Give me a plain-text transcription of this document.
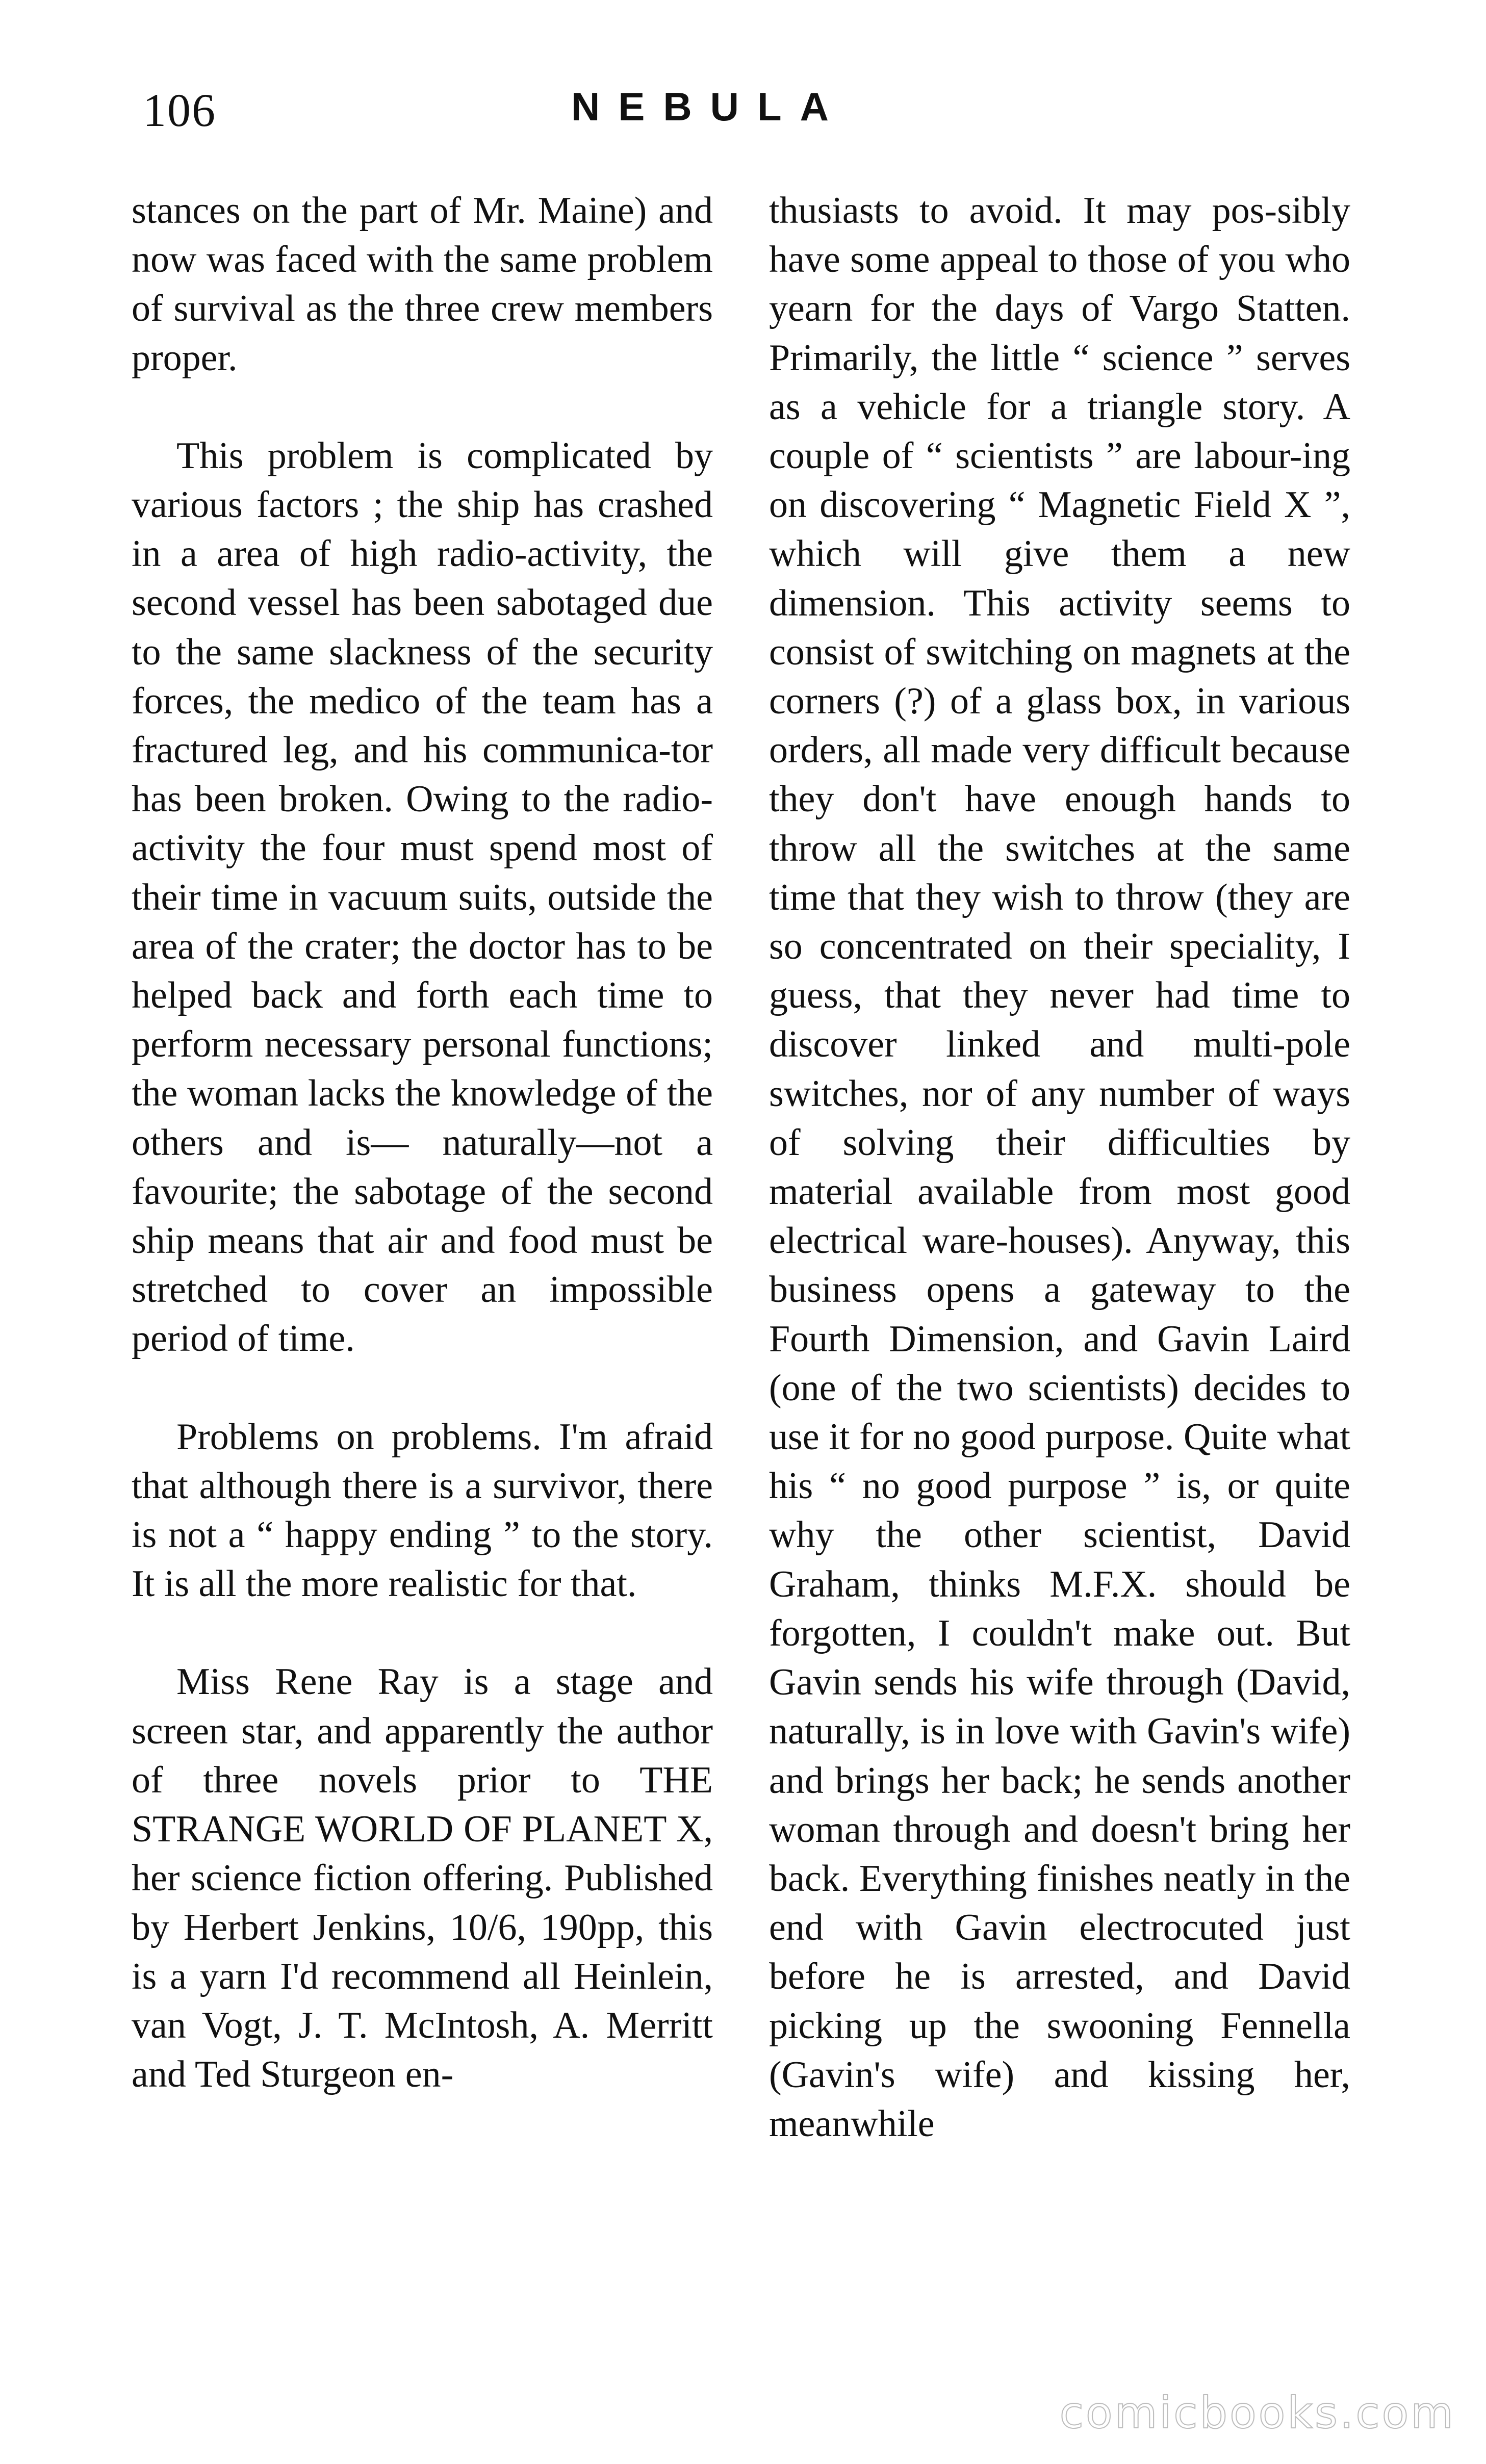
106	NEBULA

stances on the part of Mr. Maine) and now was faced with the same problem of survival as the three crew members proper.

This problem is complicated by various factors ; the ship has crashed in a area of high radio-activity, the second vessel has been sabotaged due to the same slackness of the security forces, the medico of the team has a fractured leg, and his communica-tor has been broken. Owing to the radio-activity the four must spend most of their time in vacuum suits, outside the area of the crater; the doctor has to be helped back and forth each time to perform necessary personal functions; the woman lacks the knowledge of the others and is— naturally—not a favourite; the sabotage of the second ship means that air and food must be stretched to cover an impossible period of time.

Problems on problems. I'm afraid that although there is a survivor, there is not a “ happy ending ” to the story. It is all the more realistic for that.

Miss Rene Ray is a stage and screen star, and apparently the author of three novels prior to THE STRANGE WORLD OF PLANET X, her science fiction offering. Published by Herbert Jenkins, 10/6, 190pp, this is a yarn I'd recommend all Heinlein, van Vogt, J. T. McIntosh, A. Merritt and Ted Sturgeon en-

thusiasts to avoid. It may pos-sibly have some appeal to those of you who yearn for the days of Vargo Statten. Primarily, the little “ science ” serves as a vehicle for a triangle story. A couple of “ scientists ” are labour-ing on discovering “ Magnetic Field X ”, which will give them a new dimension. This activity seems to consist of switching on magnets at the corners (?) of a glass box, in various orders, all made very difficult because they don't have enough hands to throw all the switches at the same time that they wish to throw (they are so concentrated on their speciality, I guess, that they never had time to discover linked and multi-pole switches, nor of any number of ways of solving their difficulties by material available from most good electrical ware-houses). Anyway, this business opens a gateway to the Fourth Dimension, and Gavin Laird (one of the two scientists) decides to use it for no good purpose. Quite what his “ no good purpose ” is, or quite why the other scientist, David Graham, thinks M.F.X. should be forgotten, I couldn't make out. But Gavin sends his wife through (David, naturally, is in love with Gavin's wife) and brings her back; he sends another woman through and doesn't bring her back. Everything finishes neatly in the end with Gavin electrocuted just before he is arrested, and David picking up the swooning Fennella (Gavin's wife) and kissing her, meanwhile

comicbooks.com
